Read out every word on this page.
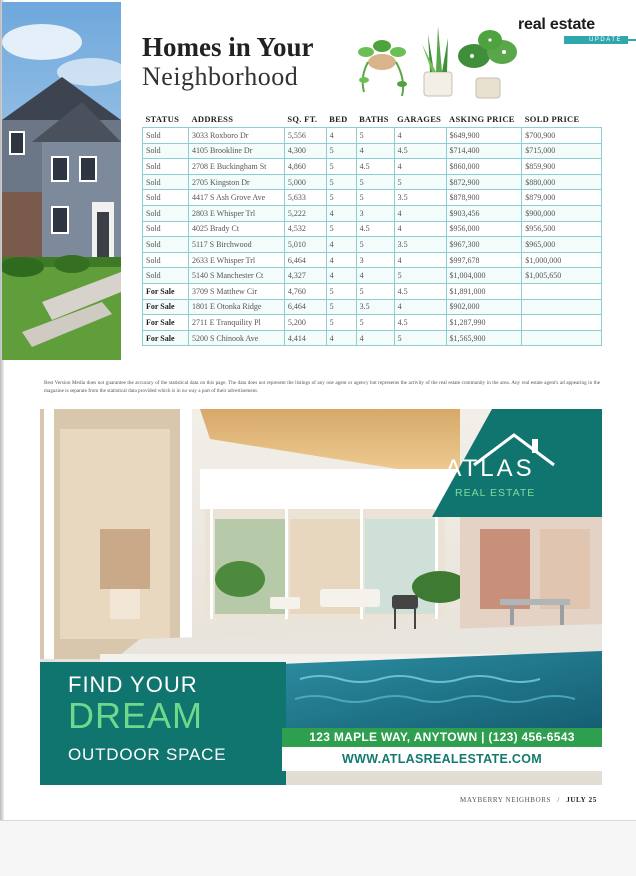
real estate
UPDATE
Homes in Your
Neighborhood
STATUS	ADDRESS	SQ. FT.	BED	BATHS	GARAGES	ASKING PRICE	SOLD PRICE
Sold	3033 Roxboro Dr	5,556	4	5	4	$649,900	$700,900
Sold	4105 Brookline Dr	4,300	5	4	4.5	$714,400	$715,000
Sold	2708 E Buckingham St	4,860	5	4.5	4	$860,000	$859,900
Sold	2705 Kingston Dr	5,000	5	5	5	$872,900	$880,000
Sold	4417 S Ash Grove Ave	5,633	5	5	3.5	$878,900	$879,000
Sold	2803 E Whisper Trl	5,222	4	3	4	$903,456	$900,000
Sold	4025 Brady Ct	4,532	5	4.5	4	$956,000	$956,500
Sold	5117 S Birchwood	5,010	4	5	3.5	$967,300	$965,000
Sold	2633 E Whisper Trl	6,464	4	3	4	$997,678	$1,000,000
Sold	5140 S Manchester Ct	4,327	4	4	5	$1,004,000	$1,005,650
For Sale	3709 S Matthew Cir	4,760	5	5	4.5	$1,891,000	
For Sale	1801 E Otonka Ridge	6,464	5	3.5	4	$902,000	
For Sale	2711 E Tranquility Pl	5,200	5	5	4.5	$1,287,990	
For Sale	5200 S Chinook Ave	4,414	4	4	5	$1,565,900	
Best Version Media does not guarantee the accuracy of the statistical data on this page. The data does not represent the listings of any one agent or agency but represents the activity of the real estate community in the area. Any real estate agent's ad appearing in the magazine is separate from the statistical data provided which is in no way a part of their advertisement.
ATLAS
REAL ESTATE
FIND YOUR
DREAM
OUTDOOR SPACE
123 MAPLE WAY, ANYTOWN | (123) 456-6543
WWW.ATLASREALESTATE.COM
MAYBERRY NEIGHBORS / JULY 25
